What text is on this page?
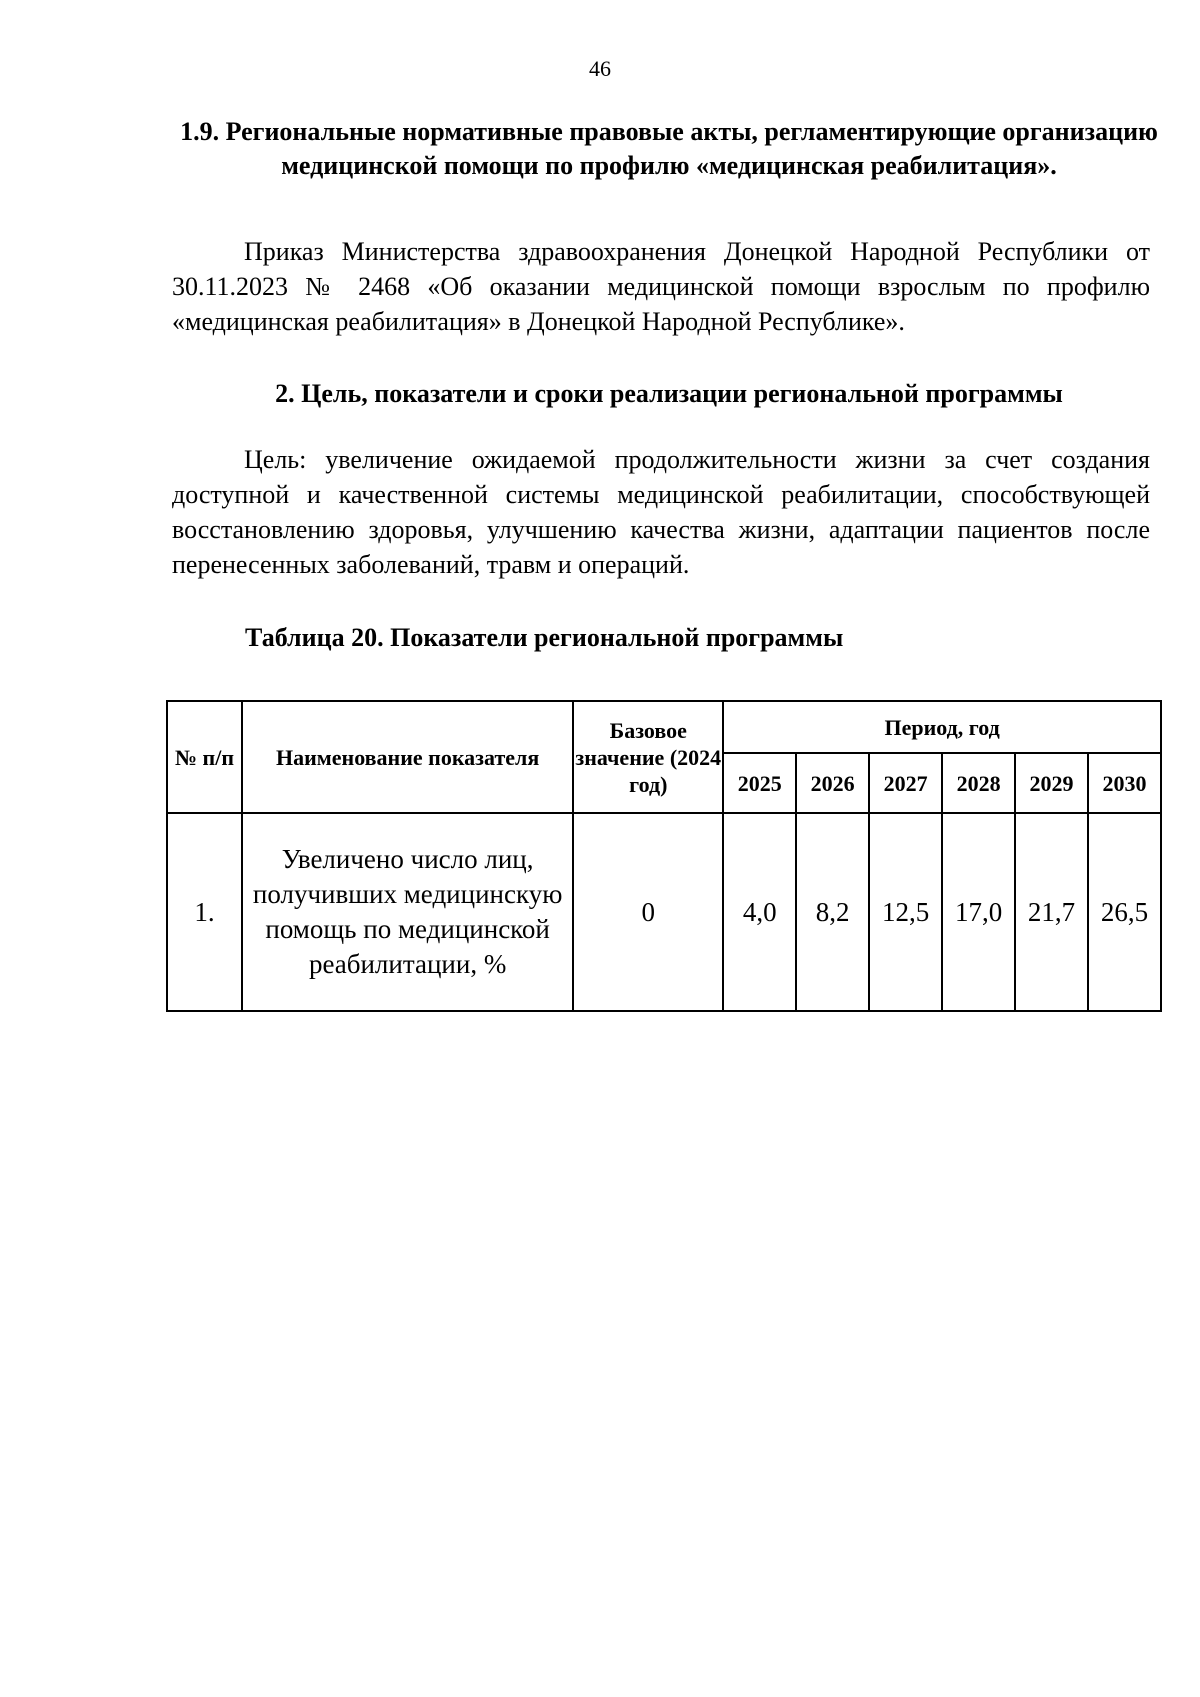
46
1.9. Региональные нормативные правовые акты, регламентирующие организацию медицинской помощи по профилю «медицинская реабилитация».
Приказ Министерства здравоохранения Донецкой Народной Республики от 30.11.2023 № 2468 «Об оказании медицинской помощи взрослым по профилю «медицинская реабилитация» в Донецкой Народной Республике».
2. Цель, показатели и сроки реализации региональной программы
Цель: увеличение ожидаемой продолжительности жизни за счет создания доступной и качественной системы медицинской реабилитации, способствующей восстановлению здоровья, улучшению качества жизни, адаптации пациентов после перенесенных заболеваний, травм и операций.
Таблица 20. Показатели региональной программы
№ п/п	Наименование показателя	Базовое значение (2024 год)	Период, год					
			2025	2026	2027	2028	2029	2030
1.	Увеличено число лиц, получивших медицинскую помощь по медицинской реабилитации, %	0	4,0	8,2	12,5	17,0	21,7	26,5
